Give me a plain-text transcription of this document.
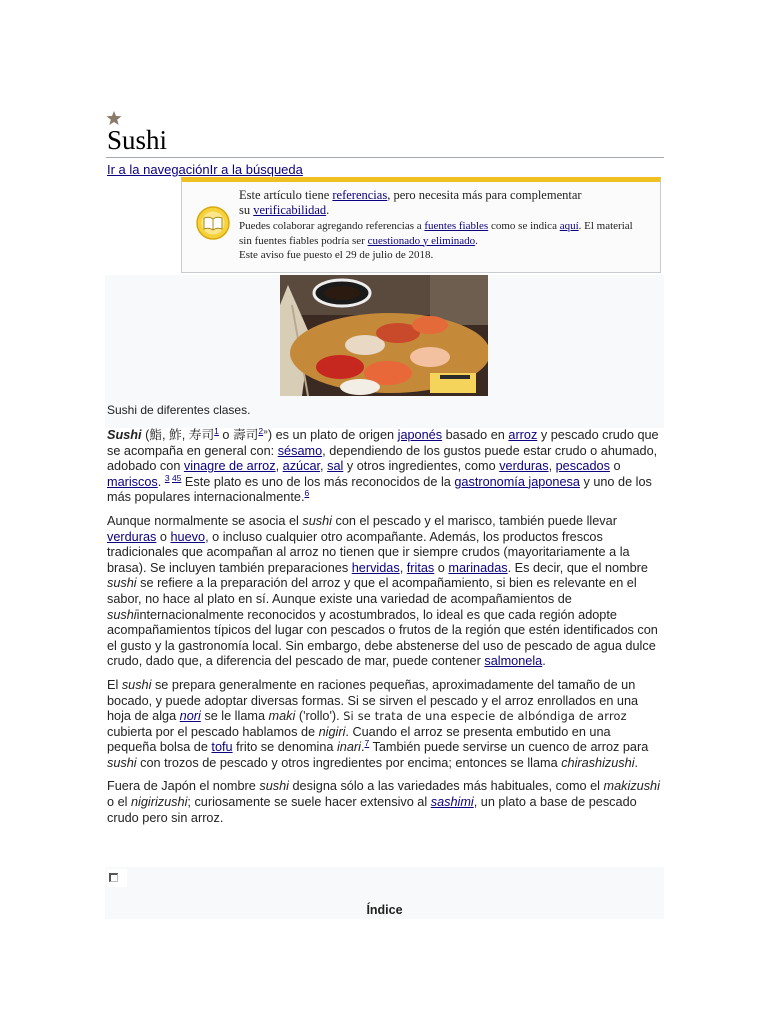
Sushi
Ir a la navegaciónIr a la búsqueda
Este artículo tiene referencias, pero necesita más para complementar
su verificabilidad.
Puedes colaborar agregando referencias a fuentes fiables como se indica aquí. El material
sin fuentes fiables podría ser cuestionado y eliminado.
Este aviso fue puesto el 29 de julio de 2018.
Sushi de diferentes clases.

Sushi (鮨, 鮓, 寿司$^1$ o 壽司$^{2»}$) es un plato de origen japonés basado en arroz y pescado crudo que se acompaña en general con: sésamo, dependiendo de los gustos puede estar crudo o ahumado, adobado con vinagre de arroz, azúcar, sal y otros ingredientes, como verduras, pescados o mariscos. $^{3 45}$ Este plato es uno de los más reconocidos de la gastronomía japonesa y uno de los más populares internacionalmente.$^6$

Aunque normalmente se asocia el sushi con el pescado y el marisco, también puede llevar verduras o huevo, o incluso cualquier otro acompañante. Además, los productos frescos tradicionales que acompañan al arroz no tienen que ir siempre crudos (mayoritariamente a la brasa). Se incluyen también preparaciones hervidas, fritas o marinadas. Es decir, que el nombre sushi se refiere a la preparación del arroz y que el acompañamiento, si bien es relevante en el sabor, no hace al plato en sí. Aunque existe una variedad de acompañamientos de sushiinternacionalmente reconocidos y acostumbrados, lo ideal es que cada región adopte acompañamientos típicos del lugar con pescados o frutos de la región que estén identificados con el gusto y la gastronomía local. Sin embargo, debe abstenerse del uso de pescado de agua dulce crudo, dado que, a diferencia del pescado de mar, puede contener salmonela.

El sushi se prepara generalmente en raciones pequeñas, aproximadamente del tamaño de un bocado, y puede adoptar diversas formas. Si se sirven el pescado y el arroz enrollados en una hoja de alga nori se le llama maki ('rollo'). Si se trata de una especie de albóndiga de arroz cubierta por el pescado hablamos de nigiri. Cuando el arroz se presenta embutido en una pequeña bolsa de tofu frito se denomina inari.$^7$ También puede servirse un cuenco de arroz para sushi con trozos de pescado y otros ingredientes por encima; entonces se llama chirashizushi.

Fuera de Japón el nombre sushi designa sólo a las variedades más habituales, como el makizushi o el nigirizushi; curiosamente se suele hacer extensivo al sashimi, un plato a base de pescado crudo pero sin arroz.

Índice
